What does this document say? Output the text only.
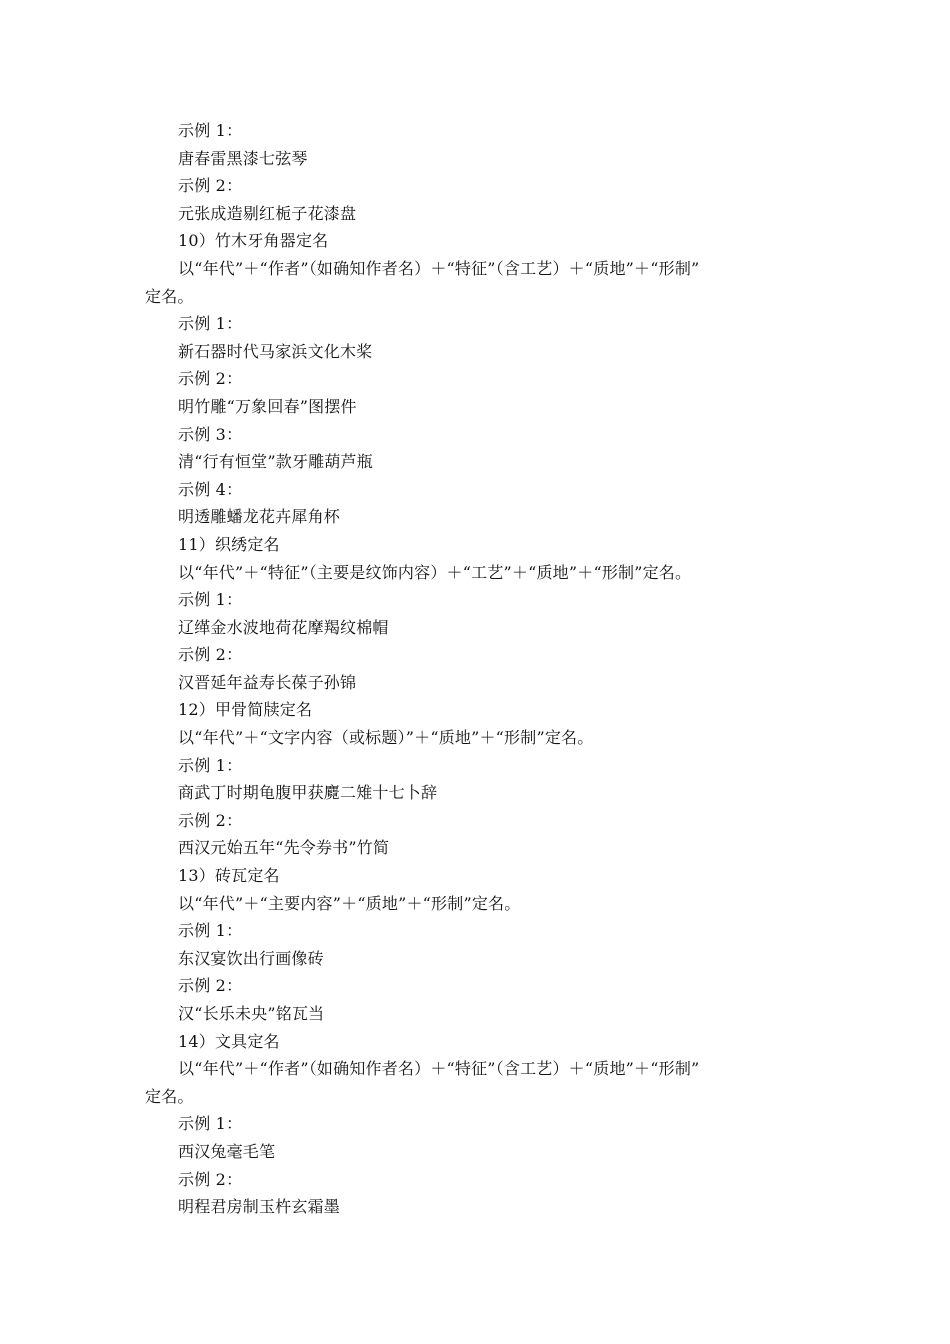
示例 1：
唐春雷黑漆七弦琴
示例 2：
元张成造剔红栀子花漆盘
10）竹木牙角器定名
以“年代”＋“作者”（如确知作者名）＋“特征”（含工艺）＋“质地”＋“形制”
定名。
示例 1：
新石器时代马家浜文化木桨
示例 2：
明竹雕“万象回春”图摆件
示例 3：
清“行有恒堂”款牙雕葫芦瓶
示例 4：
明透雕蟠龙花卉犀角杯
11）织绣定名
以“年代”＋“特征”（主要是纹饰内容）＋“工艺”＋“质地”＋“形制”定名。
示例 1：
辽缂金水波地荷花摩羯纹棉帽
示例 2：
汉晋延年益寿长葆子孙锦
12）甲骨简牍定名
以“年代”＋“文字内容（或标题）”＋“质地”＋“形制”定名。
示例 1：
商武丁时期龟腹甲获麑二雉十七卜辞
示例 2：
西汉元始五年“先令券书”竹简
13）砖瓦定名
以“年代”＋“主要内容”＋“质地”＋“形制”定名。
示例 1：
东汉宴饮出行画像砖
示例 2：
汉“长乐未央”铭瓦当
14）文具定名
以“年代”＋“作者”（如确知作者名）＋“特征”（含工艺）＋“质地”＋“形制”
定名。
示例 1：
西汉兔毫毛笔
示例 2：
明程君房制玉杵玄霜墨
